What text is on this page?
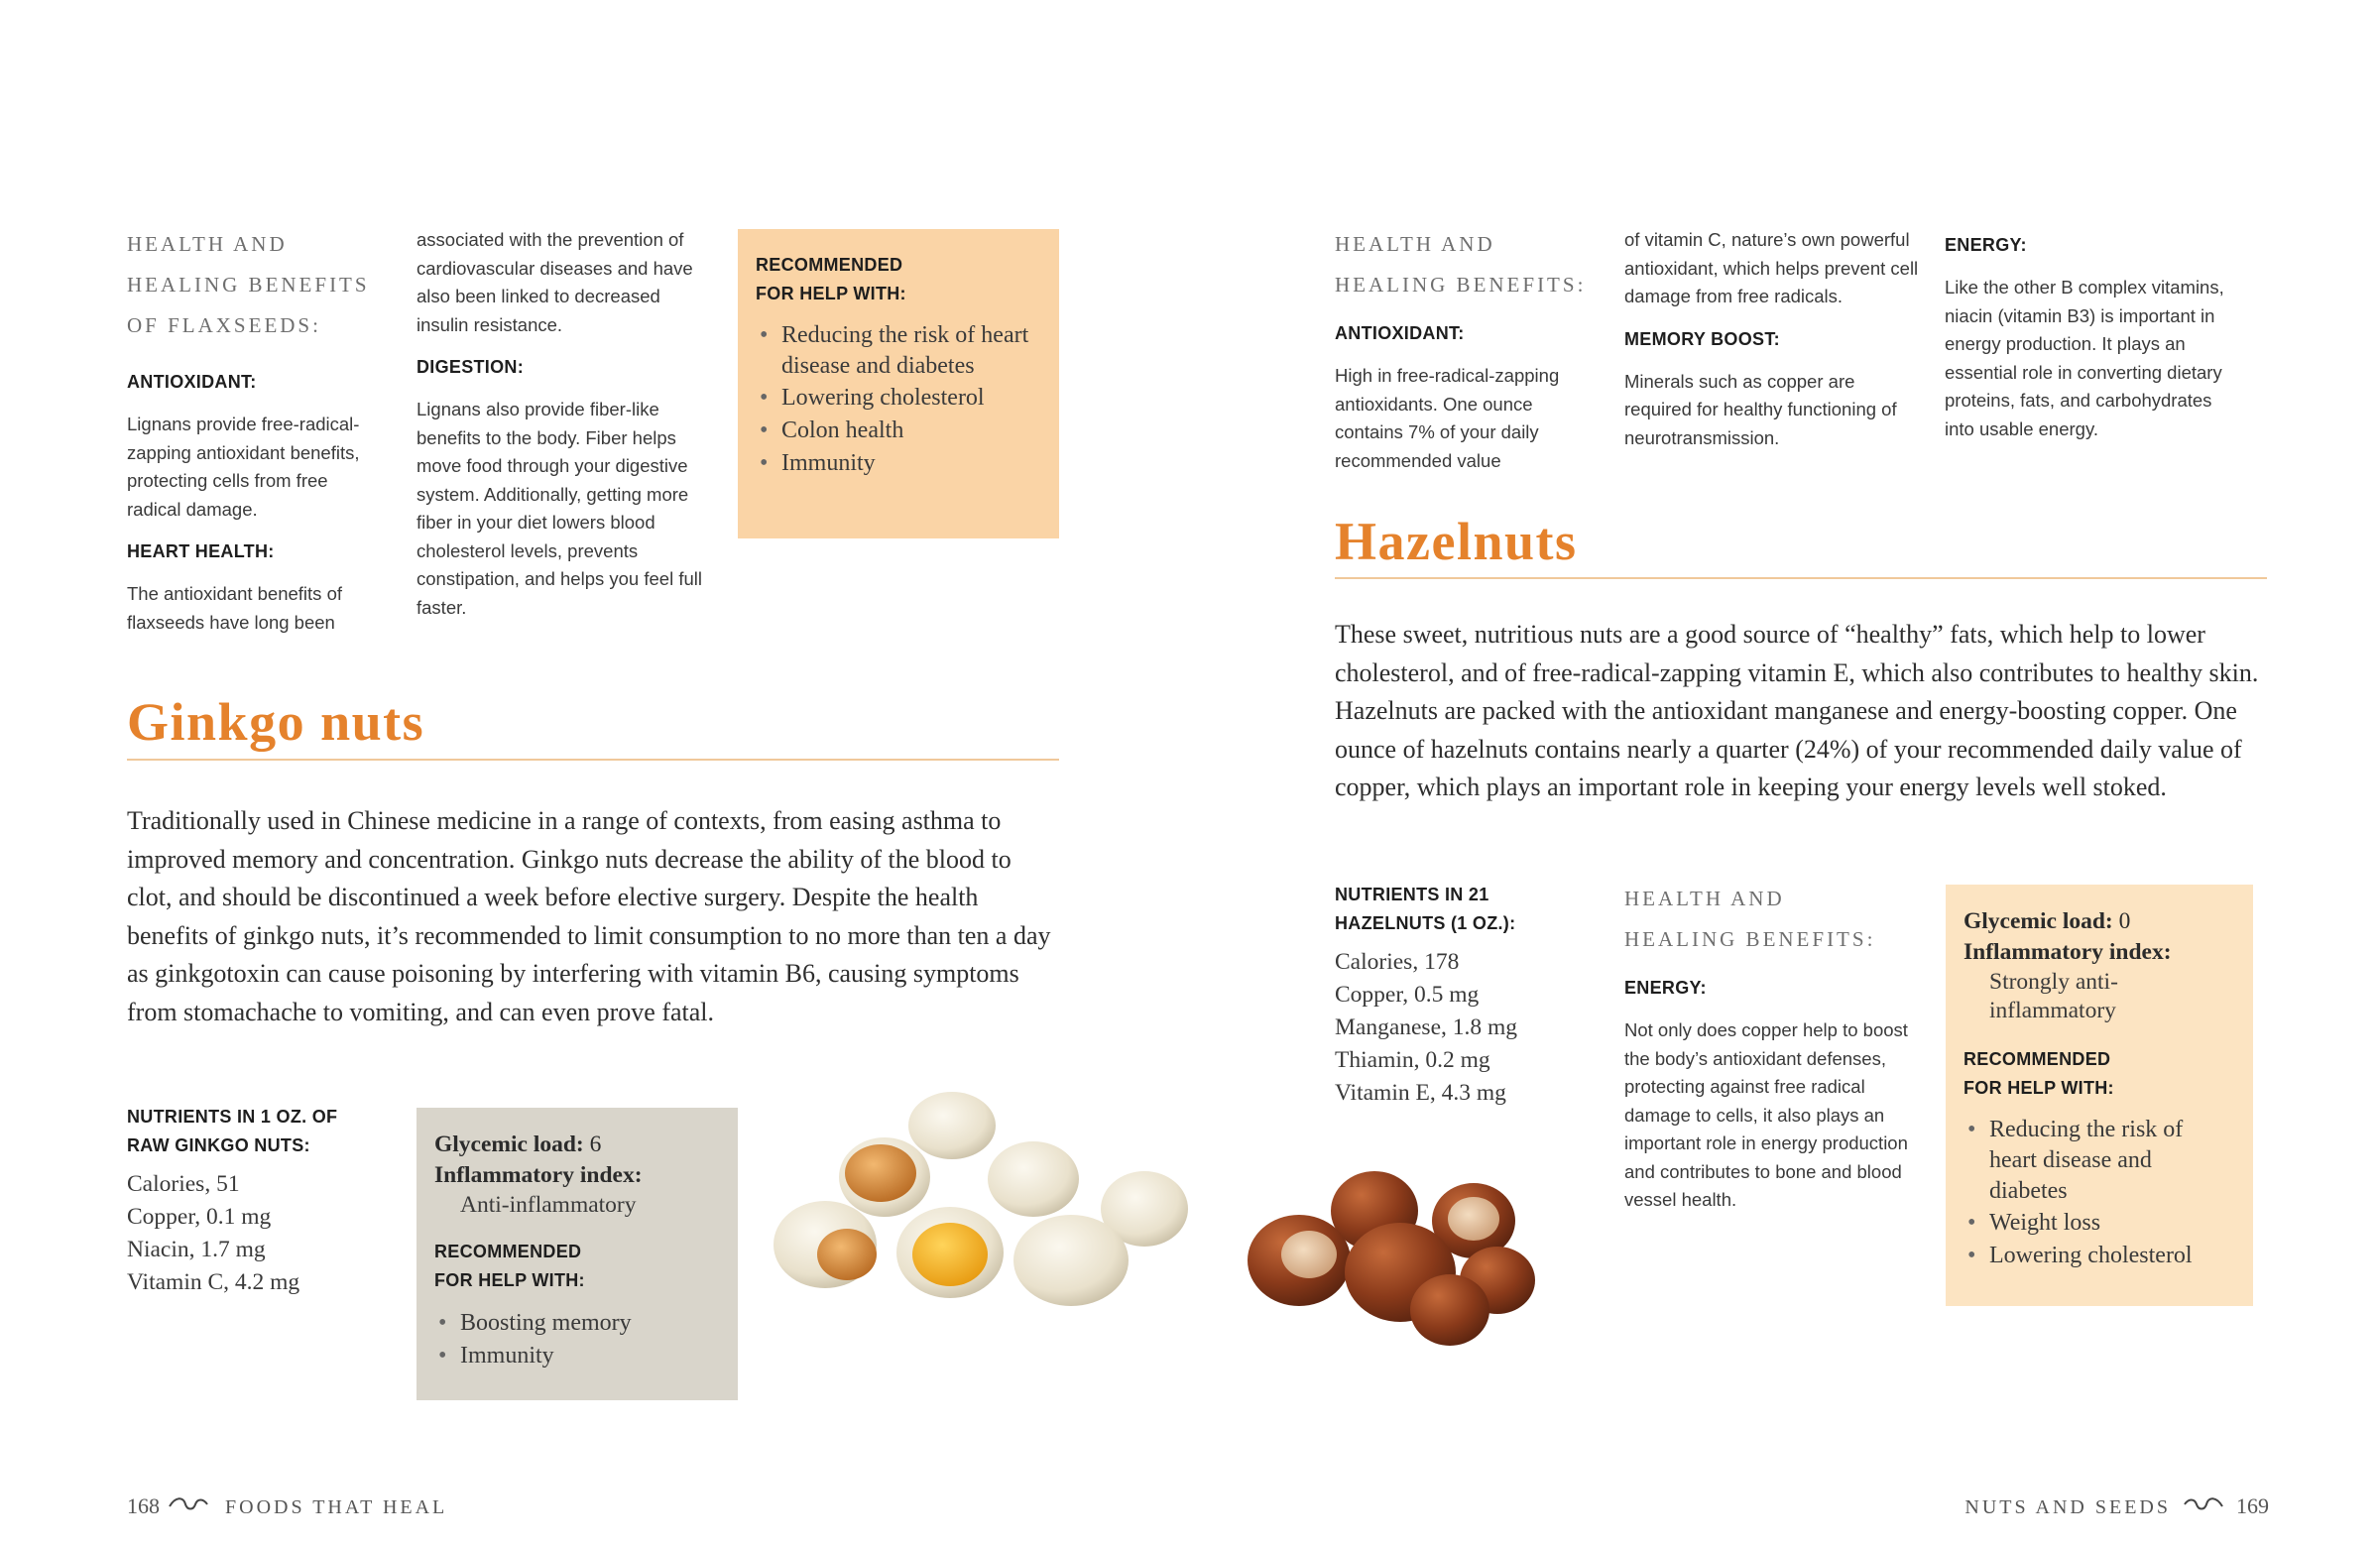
HEALTH AND HEALING BENEFITS OF FLAXSEEDS:
ANTIOXIDANT:
Lignans provide free-radical-zapping antioxidant benefits, protecting cells from free radical damage.
HEART HEALTH:
The antioxidant benefits of flaxseeds have long been
associated with the prevention of cardiovascular diseases and have also been linked to decreased insulin resistance.
DIGESTION:
Lignans also provide fiber-like benefits to the body. Fiber helps move food through your digestive system. Additionally, getting more fiber in your diet lowers blood cholesterol levels, prevents constipation, and helps you feel full faster.
RECOMMENDED
FOR HELP WITH:
• Reducing the risk of heart disease and diabetes
• Lowering cholesterol
• Colon health
• Immunity
Ginkgo nuts
Traditionally used in Chinese medicine in a range of contexts, from easing asthma to improved memory and concentration. Ginkgo nuts decrease the ability of the blood to clot, and should be discontinued a week before elective surgery. Despite the health benefits of ginkgo nuts, it’s recommended to limit consumption to no more than ten a day as ginkgotoxin can cause poisoning by interfering with vitamin B6, causing symptoms from stomachache to vomiting, and can even prove fatal.
NUTRIENTS IN 1 OZ. OF
RAW GINKGO NUTS:
Calories, 51
Copper, 0.1 mg
Niacin, 1.7 mg
Vitamin C, 4.2 mg
Glycemic load: 6
Inflammatory index:
Anti-inflammatory
RECOMMENDED
FOR HELP WITH:
• Boosting memory
• Immunity
168	FOODS THAT HEAL
HEALTH AND HEALING BENEFITS:
ANTIOXIDANT:
High in free-radical-zapping antioxidants. One ounce contains 7% of your daily recommended value
of vitamin C, nature’s own powerful antioxidant, which helps prevent cell damage from free radicals.
MEMORY BOOST:
Minerals such as copper are required for healthy functioning of neurotransmission.
ENERGY:
Like the other B complex vitamins, niacin (vitamin B3) is important in energy production. It plays an essential role in converting dietary proteins, fats, and carbohydrates into usable energy.
Hazelnuts
These sweet, nutritious nuts are a good source of “healthy” fats, which help to lower cholesterol, and of free-radical-zapping vitamin E, which also contributes to healthy skin. Hazelnuts are packed with the antioxidant manganese and energy-boosting copper. One ounce of hazelnuts contains nearly a quarter (24%) of your recommended daily value of copper, which plays an important role in keeping your energy levels well stoked.
NUTRIENTS IN 21
HAZELNUTS (1 OZ.):
Calories, 178
Copper, 0.5 mg
Manganese, 1.8 mg
Thiamin, 0.2 mg
Vitamin E, 4.3 mg
HEALTH AND HEALING BENEFITS:
ENERGY:
Not only does copper help to boost the body’s antioxidant defenses, protecting against free radical damage to cells, it also plays an important role in energy production and contributes to bone and blood vessel health.
Glycemic load: 0
Inflammatory index:
Strongly anti-inflammatory
RECOMMENDED
FOR HELP WITH:
• Reducing the risk of heart disease and diabetes
• Weight loss
• Lowering cholesterol
NUTS AND SEEDS	169
